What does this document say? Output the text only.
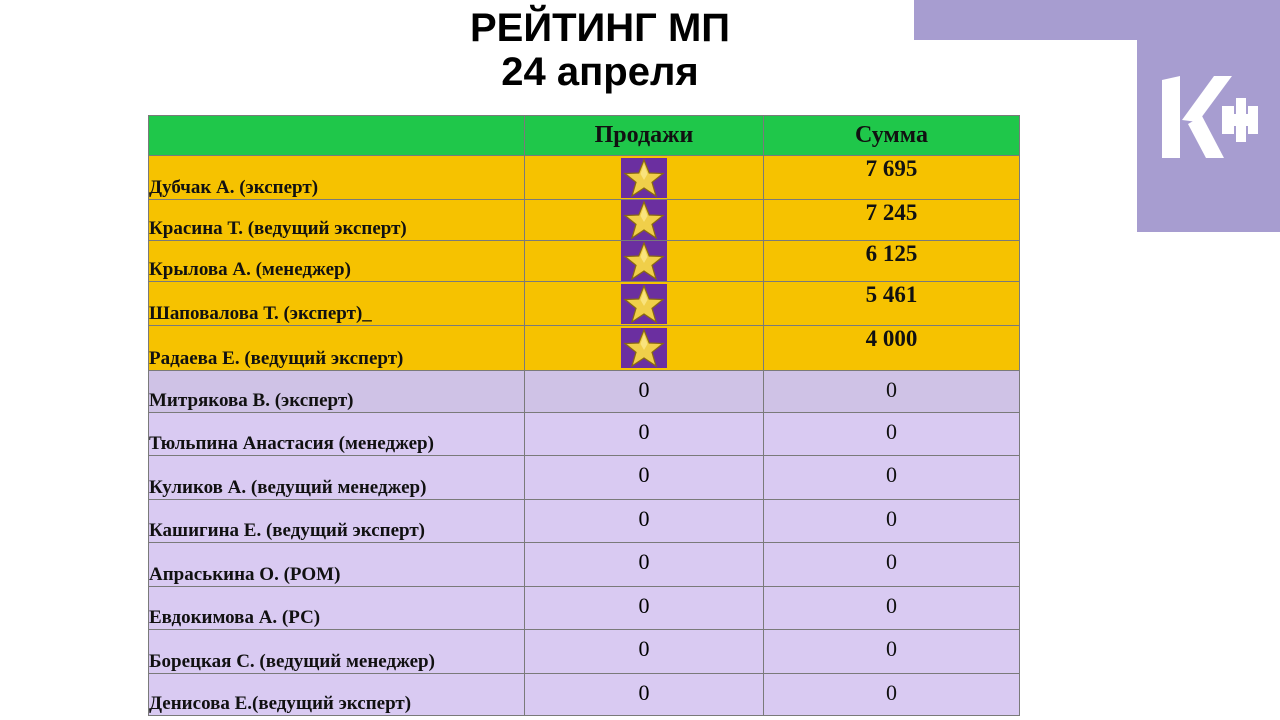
РЕЙТИНГ МП
24 апреля
	Продажи	Сумма
Дубчак А. (эксперт)		7 695
Красина Т. (ведущий эксперт)		7 245
Крылова А. (менеджер)		6 125
Шаповалова Т. (эксперт)_		5 461
Радаева Е. (ведущий эксперт)		4 000
Митрякова В. (эксперт)	0	0
Тюльпина Анастасия (менеджер)	0	0
Куликов А. (ведущий менеджер)	0	0
Кашигина Е. (ведущий эксперт)	0	0
Апраськина О. (РОМ)	0	0
Евдокимова А. (РС)	0	0
Борецкая С. (ведущий менеджер)	0	0
Денисова Е.(ведущий эксперт)	0	0
